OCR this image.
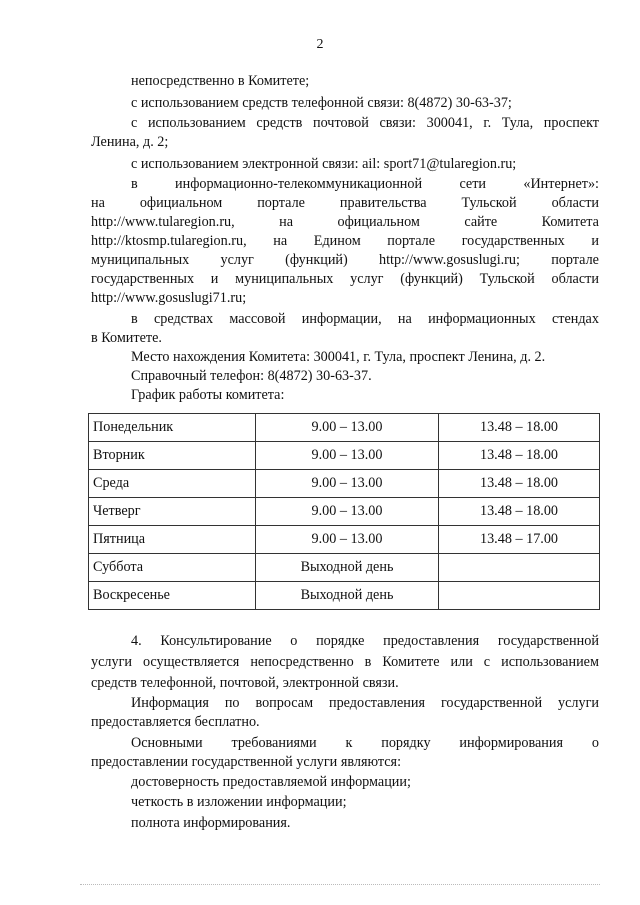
2
непосредственно в Комитете;
с использованием средств телефонной связи: 8(4872) 30-63-37;
с использованием средств почтовой связи: 300041, г. Тула, проспект
Ленина, д. 2;
с использованием электронной связи: ail: sport71@tularegion.ru;
в	информационно-телекоммуникационной	сети	«Интернет»:
на официальном портале правительства Тульской области
http://www.tularegion.ru,	на	официальном	сайте	Комитета
http://ktosmp.tularegion.ru, на Едином портале государственных и
муниципальных услуг (функций) http://www.gosuslugi.ru; портале
государственных и муниципальных услуг (функций) Тульской области
http://www.gosuslugi71.ru;
в средствах массовой информации, на информационных стендах
в Комитете.
Место нахождения Комитета: 300041, г. Тула, проспект Ленина, д. 2.
Справочный телефон: 8(4872) 30-63-37.
График работы комитета:
Понедельник	9.00 – 13.00	13.48 – 18.00
Вторник	9.00 – 13.00	13.48 – 18.00
Среда	9.00 – 13.00	13.48 – 18.00
Четверг	9.00 – 13.00	13.48 – 18.00
Пятница	9.00 – 13.00	13.48 – 17.00
Суббота	Выходной день	
Воскресенье	Выходной день	
4. Консультирование о порядке предоставления государственной
услуги осуществляется непосредственно в Комитете или с использованием
средств телефонной, почтовой, электронной связи.
Информация по вопросам предоставления государственной услуги
предоставляется бесплатно.
Основными требованиями к порядку информирования о
предоставлении государственной услуги являются:
достоверность предоставляемой информации;
четкость в изложении информации;
полнота информирования.
